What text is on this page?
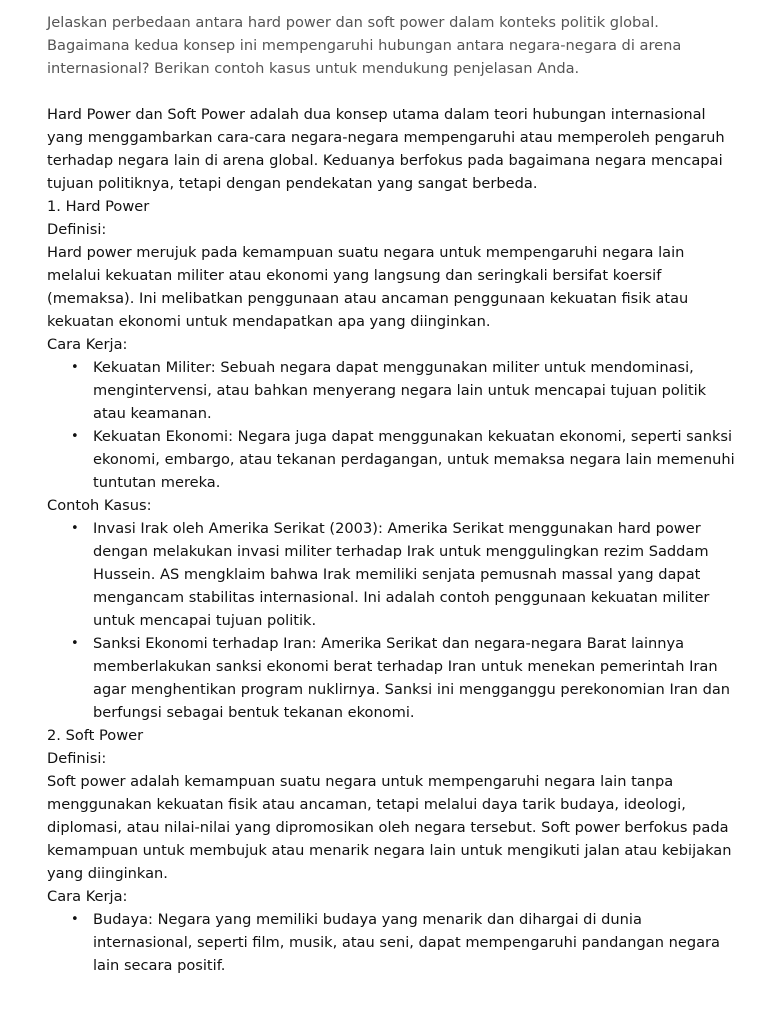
Jelaskan perbedaan antara hard power dan soft power dalam konteks politik global. Bagaimana kedua konsep ini mempengaruhi hubungan antara negara-negara di arena internasional? Berikan contoh kasus untuk mendukung penjelasan Anda.

Hard Power dan Soft Power adalah dua konsep utama dalam teori hubungan internasional yang menggambarkan cara-cara negara-negara mempengaruhi atau memperoleh pengaruh terhadap negara lain di arena global. Keduanya berfokus pada bagaimana negara mencapai tujuan politiknya, tetapi dengan pendekatan yang sangat berbeda.

1. Hard Power

Definisi:

Hard power merujuk pada kemampuan suatu negara untuk mempengaruhi negara lain melalui kekuatan militer atau ekonomi yang langsung dan seringkali bersifat koersif (memaksa). Ini melibatkan penggunaan atau ancaman penggunaan kekuatan fisik atau kekuatan ekonomi untuk mendapatkan apa yang diinginkan.

Cara Kerja:

• Kekuatan Militer: Sebuah negara dapat menggunakan militer untuk mendominasi, mengintervensi, atau bahkan menyerang negara lain untuk mencapai tujuan politik atau keamanan.
• Kekuatan Ekonomi: Negara juga dapat menggunakan kekuatan ekonomi, seperti sanksi ekonomi, embargo, atau tekanan perdagangan, untuk memaksa negara lain memenuhi tuntutan mereka.

Contoh Kasus:

• Invasi Irak oleh Amerika Serikat (2003): Amerika Serikat menggunakan hard power dengan melakukan invasi militer terhadap Irak untuk menggulingkan rezim Saddam Hussein. AS mengklaim bahwa Irak memiliki senjata pemusnah massal yang dapat mengancam stabilitas internasional. Ini adalah contoh penggunaan kekuatan militer untuk mencapai tujuan politik.
• Sanksi Ekonomi terhadap Iran: Amerika Serikat dan negara-negara Barat lainnya memberlakukan sanksi ekonomi berat terhadap Iran untuk menekan pemerintah Iran agar menghentikan program nuklirnya. Sanksi ini mengganggu perekonomian Iran dan berfungsi sebagai bentuk tekanan ekonomi.

2. Soft Power

Definisi:

Soft power adalah kemampuan suatu negara untuk mempengaruhi negara lain tanpa menggunakan kekuatan fisik atau ancaman, tetapi melalui daya tarik budaya, ideologi, diplomasi, atau nilai-nilai yang dipromosikan oleh negara tersebut. Soft power berfokus pada kemampuan untuk membujuk atau menarik negara lain untuk mengikuti jalan atau kebijakan yang diinginkan.

Cara Kerja:

• Budaya: Negara yang memiliki budaya yang menarik dan dihargai di dunia internasional, seperti film, musik, atau seni, dapat mempengaruhi pandangan negara lain secara positif.
